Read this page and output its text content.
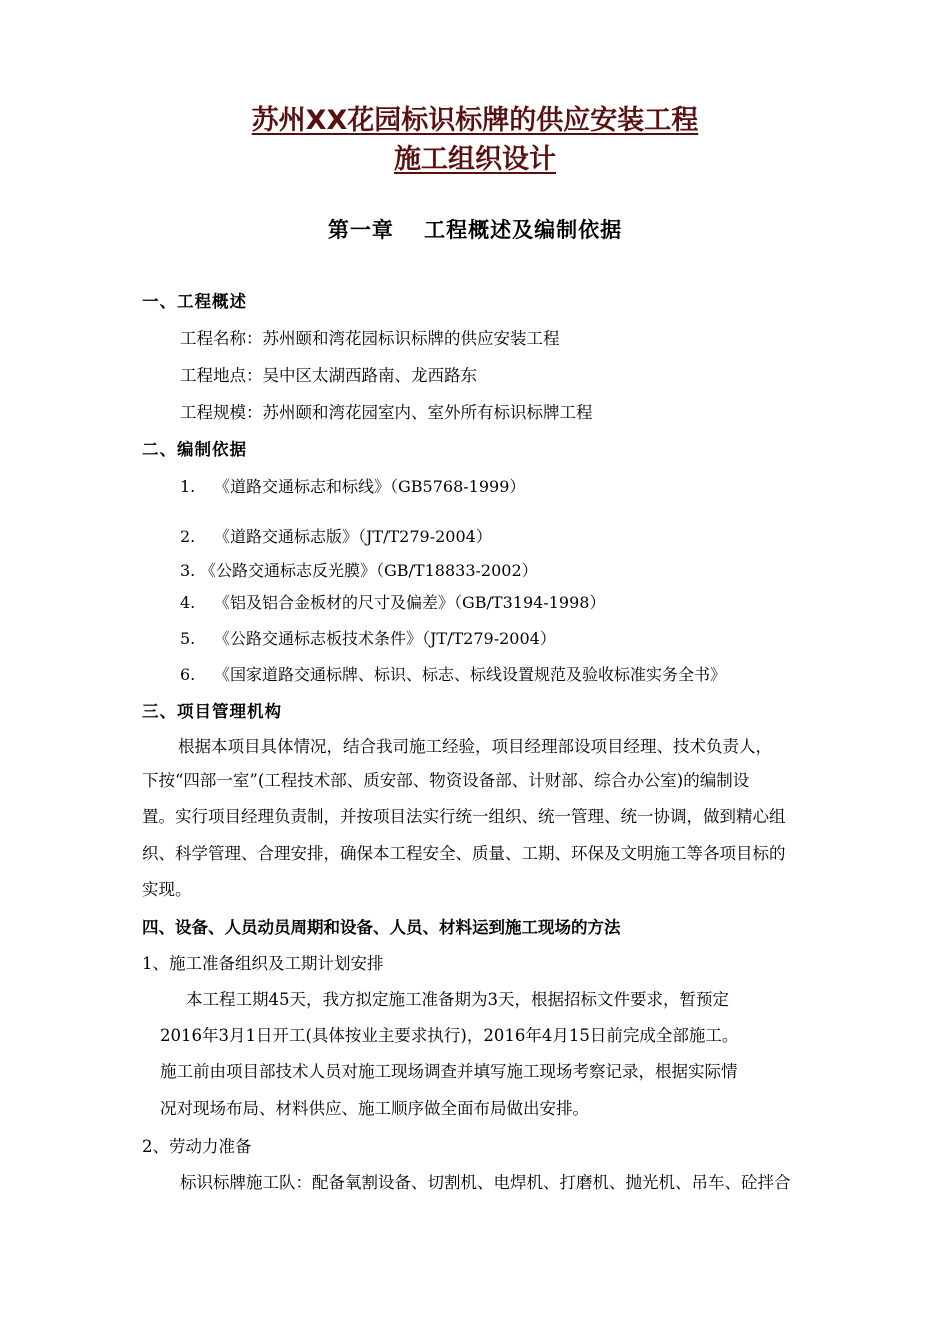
苏州XX花园标识标牌的供应安装工程
施工组织设计
第一章　 工程概述及编制依据
一、工程概述
工程名称：苏州颐和湾花园标识标牌的供应安装工程
工程地点：吴中区太湖西路南、龙西路东
工程规模：苏州颐和湾花园室内、室外所有标识标牌工程
二、编制依据
1. 《道路交通标志和标线》（GB5768-1999）
2. 《道路交通标志版》（JT/T279-2004）
3. 《公路交通标志反光膜》（GB/T18833-2002）
4. 《铝及铝合金板材的尺寸及偏差》（GB/T3194-1998）
5. 《公路交通标志板技术条件》（JT/T279-2004）
6. 《国家道路交通标牌、标识、标志、标线设置规范及验收标准实务全书》
三、项目管理机构
根据本项目具体情况，结合我司施工经验，项目经理部设项目经理、技术负责人，
下按“四部一室”(工程技术部、质安部、物资设备部、计财部、综合办公室)的编制设
置。实行项目经理负责制，并按项目法实行统一组织、统一管理、统一协调，做到精心组
织、科学管理、合理安排，确保本工程安全、质量、工期、环保及文明施工等各项目标的
实现。
四、设备、人员动员周期和设备、人员、材料运到施工现场的方法
1、施工准备组织及工期计划安排
本工程工期45天，我方拟定施工准备期为3天，根据招标文件要求，暂预定
2016年3月1日开工(具体按业主要求执行)，2016年4月15日前完成全部施工。
施工前由项目部技术人员对施工现场调查并填写施工现场考察记录，根据实际情
况对现场布局、材料供应、施工顺序做全面布局做出安排。
2、劳动力准备
标识标牌施工队：配备氧割设备、切割机、电焊机、打磨机、抛光机、吊车、砼拌合
